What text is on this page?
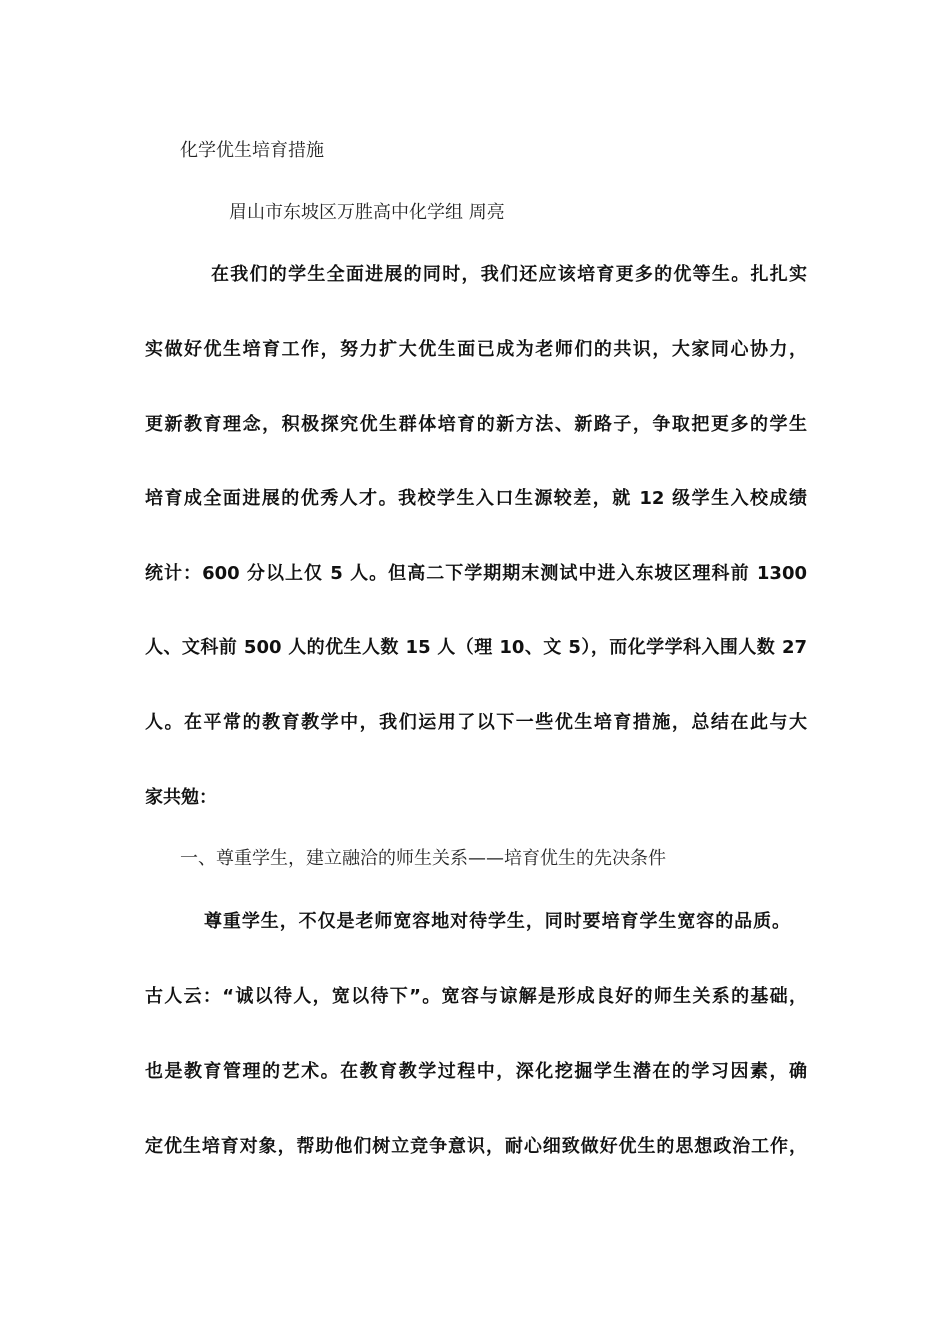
化学优生培育措施
眉山市东坡区万胜高中化学组 周亮
在我们的学生全面进展的同时，我们还应该培育更多的优等生。扎扎实
实做好优生培育工作，努力扩大优生面已成为老师们的共识，大家同心协力，
更新教育理念，积极探究优生群体培育的新方法、新路子，争取把更多的学生
培育成全面进展的优秀人才。我校学生入口生源较差，就 12 级学生入校成绩
统计：600 分以上仅 5 人。但高二下学期期末测试中进入东坡区理科前 1300
人、文科前 500 人的优生人数 15 人（理 10、文 5），而化学学科入围人数 27
人。在平常的教育教学中，我们运用了以下一些优生培育措施，总结在此与大
家共勉：
一、尊重学生，建立融洽的师生关系——培育优生的先决条件
尊重学生，不仅是老师宽容地对待学生，同时要培育学生宽容的品质。
古人云：“诚以待人，宽以待下”。宽容与谅解是形成良好的师生关系的基础，
也是教育管理的艺术。在教育教学过程中，深化挖掘学生潜在的学习因素，确
定优生培育对象，帮助他们树立竞争意识，耐心细致做好优生的思想政治工作，
